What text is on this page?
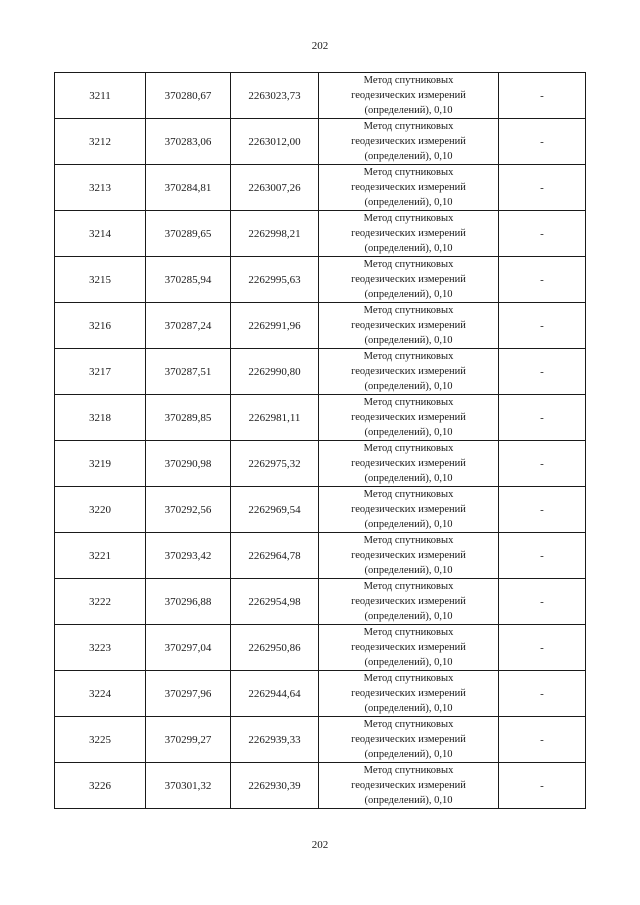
202
3211	370280,67	2263023,73	Метод спутниковых
геодезических измерений
(определений), 0,10	-
3212	370283,06	2263012,00	Метод спутниковых
геодезических измерений
(определений), 0,10	-
3213	370284,81	2263007,26	Метод спутниковых
геодезических измерений
(определений), 0,10	-
3214	370289,65	2262998,21	Метод спутниковых
геодезических измерений
(определений), 0,10	-
3215	370285,94	2262995,63	Метод спутниковых
геодезических измерений
(определений), 0,10	-
3216	370287,24	2262991,96	Метод спутниковых
геодезических измерений
(определений), 0,10	-
3217	370287,51	2262990,80	Метод спутниковых
геодезических измерений
(определений), 0,10	-
3218	370289,85	2262981,11	Метод спутниковых
геодезических измерений
(определений), 0,10	-
3219	370290,98	2262975,32	Метод спутниковых
геодезических измерений
(определений), 0,10	-
3220	370292,56	2262969,54	Метод спутниковых
геодезических измерений
(определений), 0,10	-
3221	370293,42	2262964,78	Метод спутниковых
геодезических измерений
(определений), 0,10	-
3222	370296,88	2262954,98	Метод спутниковых
геодезических измерений
(определений), 0,10	-
3223	370297,04	2262950,86	Метод спутниковых
геодезических измерений
(определений), 0,10	-
3224	370297,96	2262944,64	Метод спутниковых
геодезических измерений
(определений), 0,10	-
3225	370299,27	2262939,33	Метод спутниковых
геодезических измерений
(определений), 0,10	-
3226	370301,32	2262930,39	Метод спутниковых
геодезических измерений
(определений), 0,10	-
202
